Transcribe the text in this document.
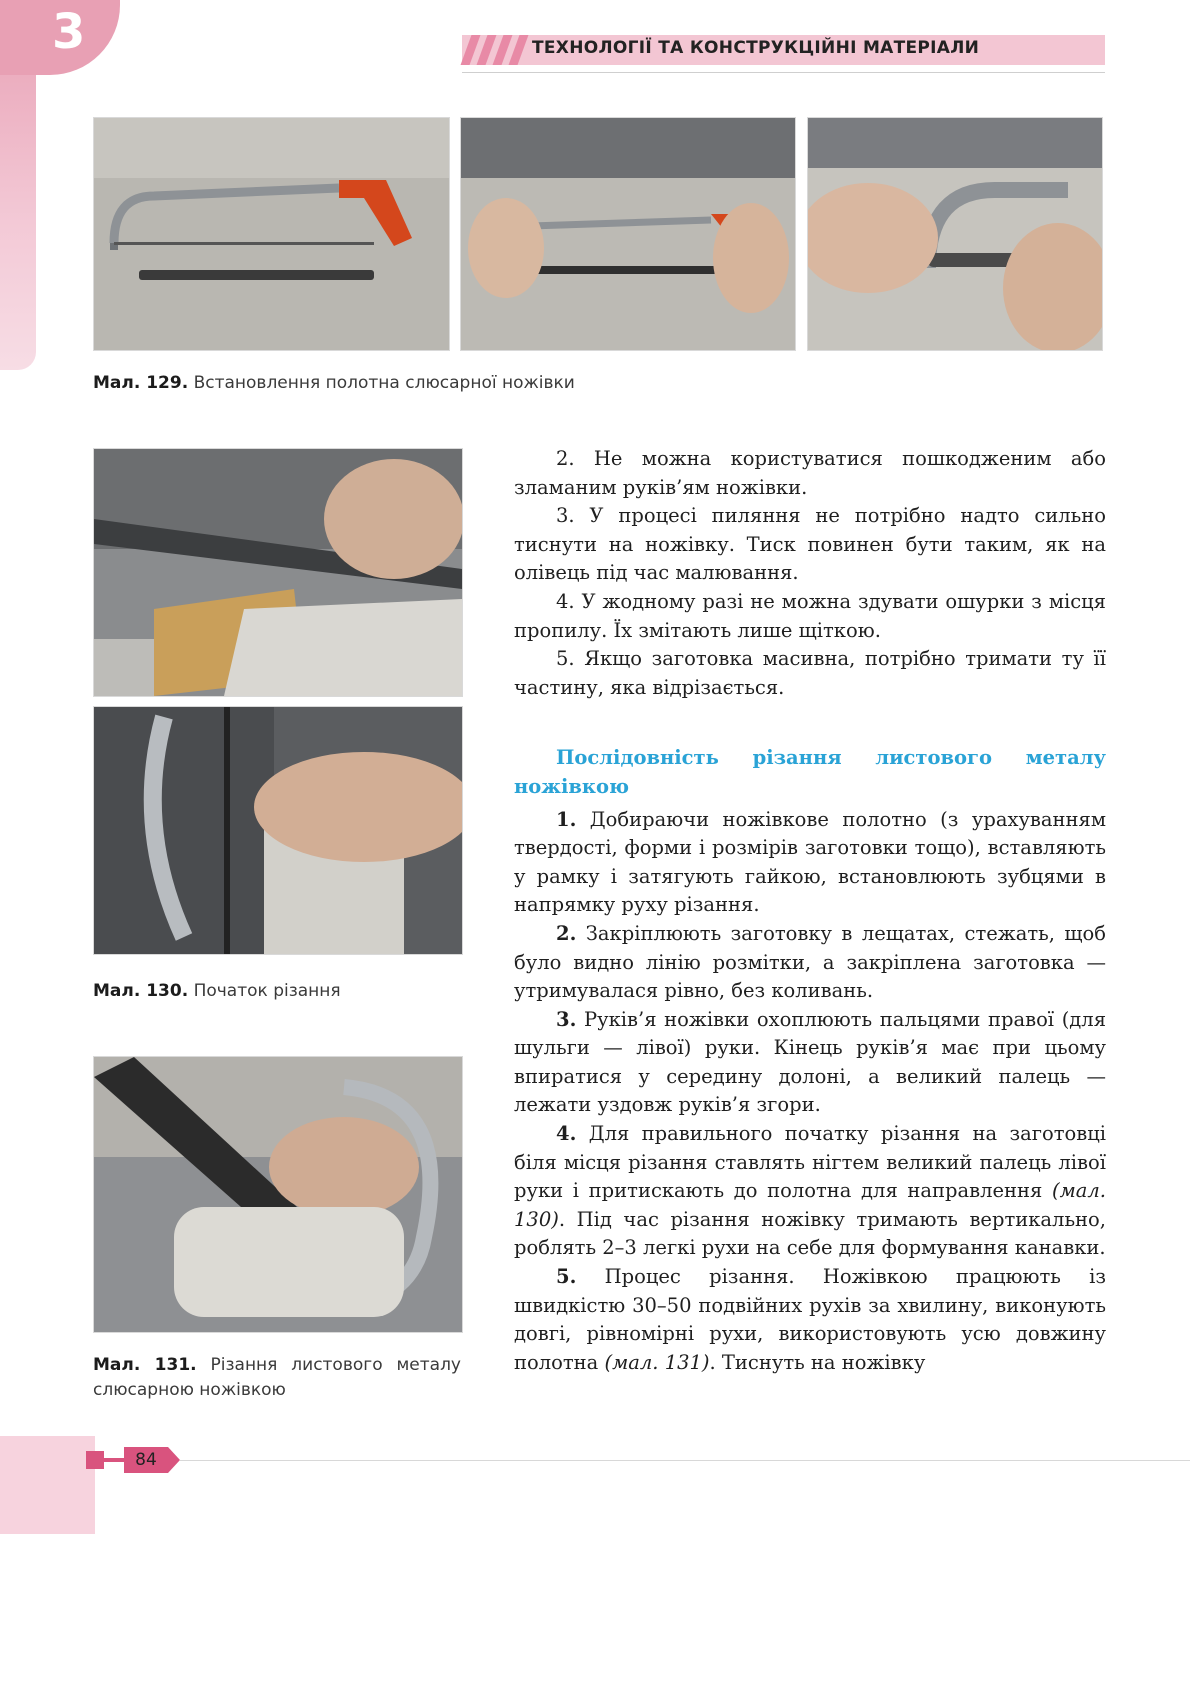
3	ТЕХНОЛОГІЇ ТА КОНСТРУКЦІЙНІ МАТЕРІАЛИ
Мал. 129. Встановлення полотна слюсарної ножівки
Мал. 130. Початок різання
Мал. 131. Різання листового металу слюсарною ножівкою

2. Не можна користуватися пошкодженим або зламаним руків’ям ножівки.

3. У процесі пиляння не потрібно надто сильно тиснути на ножівку. Тиск повинен бути таким, як на олівець під час малювання.

4. У жодному разі не можна здувати ошурки з місця пропилу. Їх змітають лише щіткою.

5. Якщо заготовка масивна, потрібно тримати ту її частину, яка відрізається.

Послідовність різання листового металу ножівкою

1. Добираючи ножівкове полотно (з урахуванням твердості, форми і розмірів заготовки тощо), вставляють у рамку і затягують гайкою, встановлюють зубцями в напрямку руху різання.

2. Закріплюють заготовку в лещатах, стежать, щоб було видно лінію розмітки, а закріплена заготовка — утримувалася рівно, без коливань.

3. Руків’я ножівки охоплюють пальцями правої (для шульги — лівої) руки. Кінець руків’я має при цьому впиратися у середину долоні, а великий палець — лежати уздовж руків’я згори.

4. Для правильного початку різання на заготовці біля місця різання ставлять нігтем великий палець лівої руки і притискають до полотна для направлення (мал. 130). Під час різання ножівку тримають вертикально, роблять 2–3 легкі рухи на себе для формування канавки.

5. Процес різання. Ножівкою працюють із швидкістю 30–50 подвійних рухів за хвилину, виконують довгі, рівномірні рухи, використовують усю довжину полотна (мал. 131). Тиснуть на ножівку

84
